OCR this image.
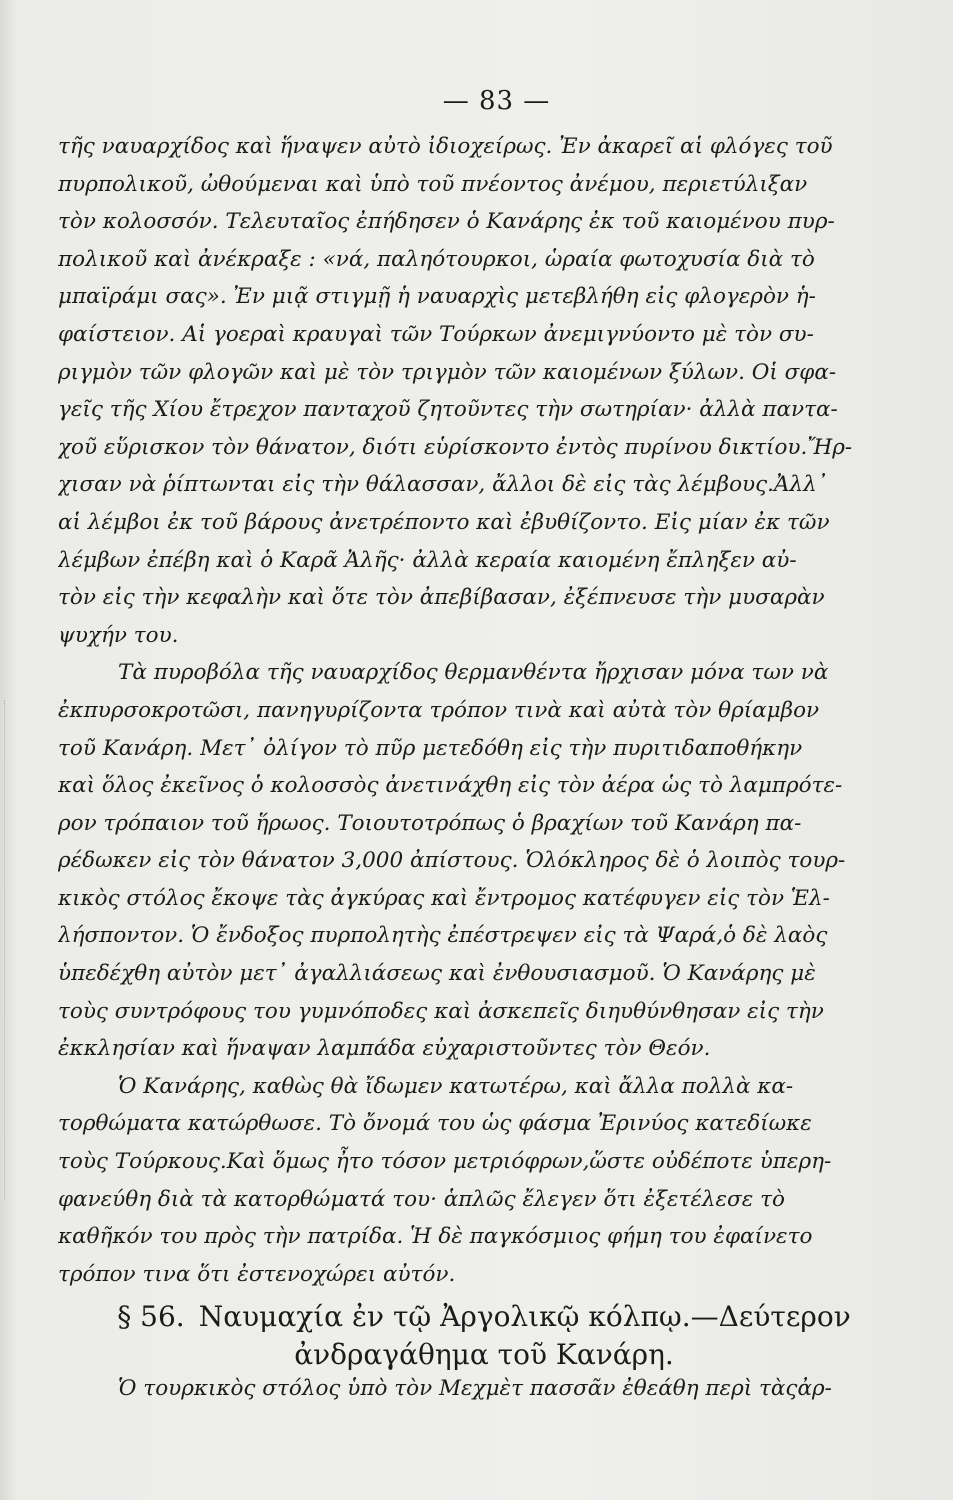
— 83 —
τῆς ναυαρχίδος καὶ ἥναψεν αὐτὸ ἰδιοχείρως. Ἐν ἀκαρεῖ αἱ φλόγες τοῦ
πυρπολικοῦ, ὠθούμεναι καὶ ὑπὸ τοῦ πνέοντος ἀνέμου, περιετύλιξαν
τὸν κολοσσόν. Τελευταῖος ἐπήδησεν ὁ Κανάρης ἐκ τοῦ καιομένου πυρ-
πολικοῦ καὶ ἀνέκραξε : «νά, παληότουρκοι, ὡραία φωτοχυσία διὰ τὸ
μπαϊράμι σας». Ἐν μιᾷ στιγμῇ ἡ ναυαρχὶς μετεβλήθη εἰς φλογερὸν ἡ-
φαίστειον. Αἱ γοεραὶ κραυγαὶ τῶν Τούρκων ἀνεμιγνύοντο μὲ τὸν συ-
ριγμὸν τῶν φλογῶν καὶ μὲ τὸν τριγμὸν τῶν καιομένων ξύλων. Οἱ σφα-
γεῖς τῆς Χίου ἔτρεχον πανταχοῦ ζητοῦντες τὴν σωτηρίαν· ἀλλὰ παντα-
χοῦ εὕρισκον τὸν θάνατον, διότι εὑρίσκοντο ἐντὸς πυρίνου δικτίου.Ἤρ-
χισαν νὰ ῥίπτωνται εἰς τὴν θάλασσαν, ἄλλοι δὲ εἰς τὰς λέμβους.Ἀλλ᾿
αἱ λέμβοι ἐκ τοῦ βάρους ἀνετρέποντο καὶ ἐβυθίζοντο. Εἰς μίαν ἐκ τῶν
λέμβων ἐπέβη καὶ ὁ Καρᾶ Ἀλῆς· ἀλλὰ κεραία καιομένη ἔπληξεν αὐ-
τὸν εἰς τὴν κεφαλὴν καὶ ὅτε τὸν ἀπεβίβασαν, ἐξέπνευσε τὴν μυσαρὰν
ψυχήν του.
Τὰ πυροβόλα τῆς ναυαρχίδος θερμανθέντα ἤρχισαν μόνα των νὰ
ἐκπυρσοκροτῶσι, πανηγυρίζοντα τρόπον τινὰ καὶ αὐτὰ τὸν θρίαμβον
τοῦ Κανάρη. Μετ᾿ ὀλίγον τὸ πῦρ μετεδόθη εἰς τὴν πυριτιδαποθήκην
καὶ ὅλος ἐκεῖνος ὁ κολοσσὸς ἀνετινάχθη εἰς τὸν ἀέρα ὡς τὸ λαμπρότε-
ρον τρόπαιον τοῦ ἥρωος. Τοιουτοτρόπως ὁ βραχίων τοῦ Κανάρη πα-
ρέδωκεν εἰς τὸν θάνατον 3,000 ἀπίστους. Ὁλόκληρος δὲ ὁ λοιπὸς τουρ-
κικὸς στόλος ἔκοψε τὰς ἀγκύρας καὶ ἔντρομος κατέφυγεν εἰς τὸν Ἑλ-
λήσποντον. Ὁ ἔνδοξος πυρπολητὴς ἐπέστρεψεν εἰς τὰ Ψαρά,ὁ δὲ λαὸς
ὑπεδέχθη αὐτὸν μετ᾿ ἀγαλλιάσεως καὶ ἐνθουσιασμοῦ. Ὁ Κανάρης μὲ
τοὺς συντρόφους του γυμνόποδες καὶ ἀσκεπεῖς διηυθύνθησαν εἰς τὴν
ἐκκλησίαν καὶ ἥναψαν λαμπάδα εὐχαριστοῦντες τὸν Θεόν.
Ὁ Κανάρης, καθὼς θὰ ἴδωμεν κατωτέρω, καὶ ἄλλα πολλὰ κα-
τορθώματα κατώρθωσε. Τὸ ὄνομά του ὡς φάσμα Ἐρινύος κατεδίωκε
τοὺς Τούρκους.Καὶ ὅμως ἦτο τόσον μετριόφρων,ὥστε οὐδέποτε ὑπερη-
φανεύθη διὰ τὰ κατορθώματά του· ἁπλῶς ἔλεγεν ὅτι ἐξετέλεσε τὸ
καθῆκόν του πρὸς τὴν πατρίδα. Ἡ δὲ παγκόσμιος φήμη του ἐφαίνετο
τρόπον τινα ὅτι ἐστενοχώρει αὐτόν.
§ 56. Ναυμαχία ἐν τῷ Ἀργολικῷ κόλπῳ.—Δεύτερον
ἀνδραγάθημα τοῦ Κανάρη.
Ὁ τουρκικὸς στόλος ὑπὸ τὸν Μεχμὲτ πασσᾶν ἐθεάθη περὶ τὰςἀρ-
